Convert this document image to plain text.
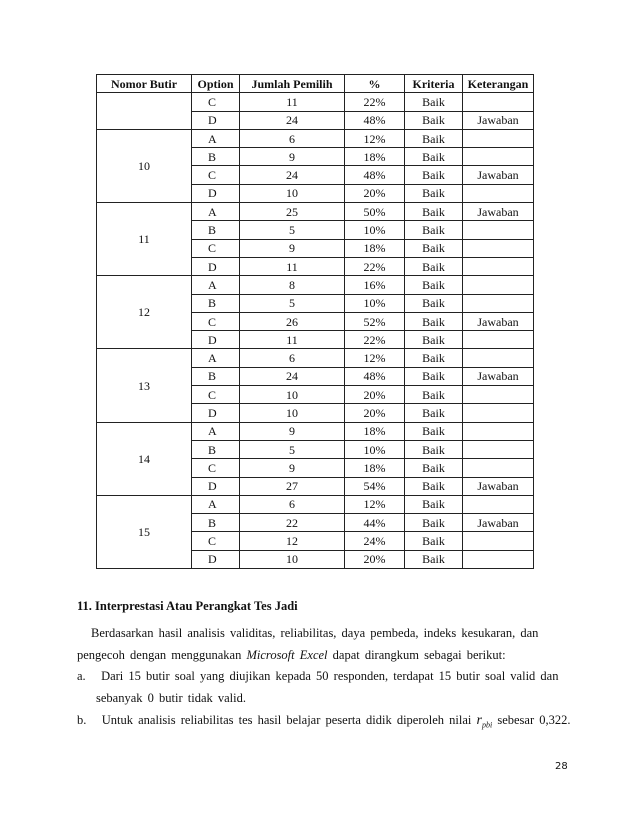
Nomor Butir	Option	Jumlah Pemilih	%	Kriteria	Keterangan
	C	11	22%	Baik	
	D	24	48%	Baik	Jawaban
10	A	6	12%	Baik	
	B	9	18%	Baik	
	C	24	48%	Baik	Jawaban
	D	10	20%	Baik	
11	A	25	50%	Baik	Jawaban
	B	5	10%	Baik	
	C	9	18%	Baik	
	D	11	22%	Baik	
12	A	8	16%	Baik	
	B	5	10%	Baik	
	C	26	52%	Baik	Jawaban
	D	11	22%	Baik	
13	A	6	12%	Baik	
	B	24	48%	Baik	Jawaban
	C	10	20%	Baik	
	D	10	20%	Baik	
14	A	9	18%	Baik	
	B	5	10%	Baik	
	C	9	18%	Baik	
	D	27	54%	Baik	Jawaban
15	A	6	12%	Baik	
	B	22	44%	Baik	Jawaban
	C	12	24%	Baik	
	D	10	20%	Baik	
11. Interprestasi Atau Perangkat Tes Jadi
Berdasarkan hasil analisis validitas, reliabilitas, daya pembeda, indeks kesukaran, dan
pengecoh dengan menggunakan Microsoft Excel dapat dirangkum sebagai berikut:
a. Dari 15 butir soal yang diujikan kepada 50 responden, terdapat 15 butir soal valid dan
sebanyak 0 butir tidak valid.
b. Untuk analisis reliabilitas tes hasil belajar peserta didik diperoleh nilai $r_{pbi}$ sebesar 0,322.
28
